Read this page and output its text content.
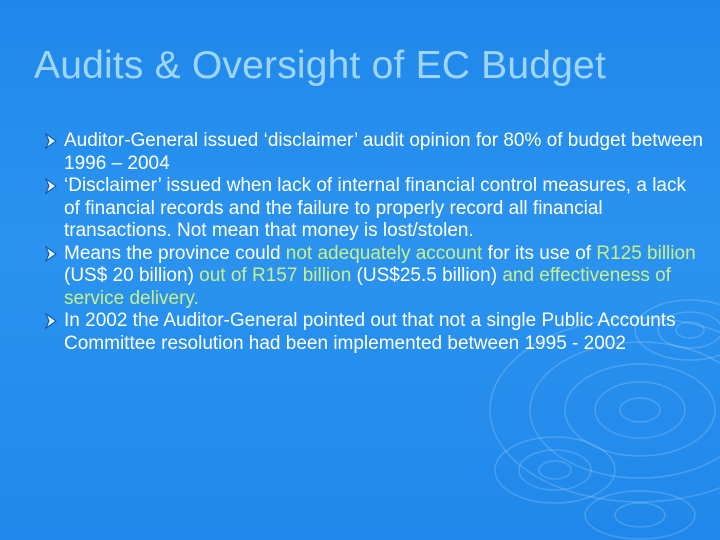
Audits & Oversight of EC Budget
Auditor-General issued ‘disclaimer’ audit opinion for 80% of budget between 1996 – 2004
‘Disclaimer’ issued when lack of internal financial control measures, a lack of financial records and the failure to properly record all financial transactions. Not mean that money is lost/stolen.
Means the province could not adequately account for its use of R125 billion (US$ 20 billion) out of R157 billion (US$25.5 billion) and effectiveness of service delivery.
In 2002 the Auditor-General pointed out that not a single Public Accounts Committee resolution had been implemented between 1995 - 2002
